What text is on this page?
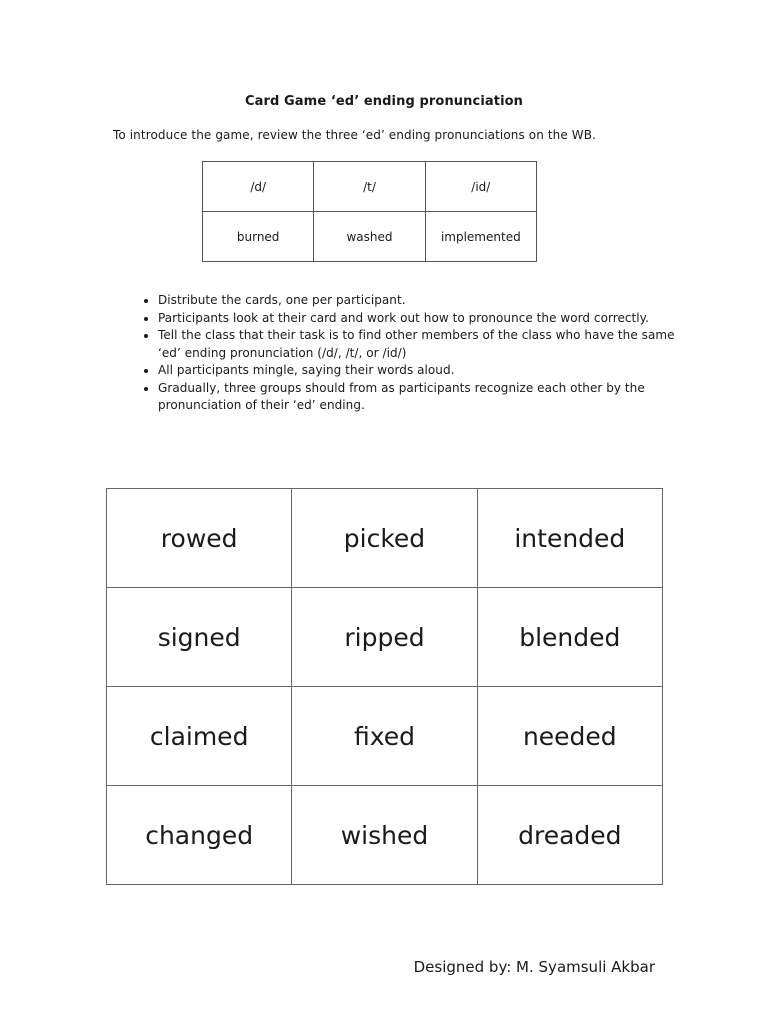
Card Game ‘ed’ ending pronunciation
To introduce the game, review the three ‘ed’ ending pronunciations on the WB.
/d/	/t/	/id/
burned	washed	implemented
• Distribute the cards, one per participant.
• Participants look at their card and work out how to pronounce the word correctly.
• Tell the class that their task is to find other members of the class who have the same ‘ed’ ending pronunciation (/d/, /t/, or /id/)
• All participants mingle, saying their words aloud.
• Gradually, three groups should from as participants recognize each other by the pronunciation of their ‘ed’ ending.
rowed	picked	intended
signed	ripped	blended
claimed	fixed	needed
changed	wished	dreaded
Designed by: M. Syamsuli Akbar
